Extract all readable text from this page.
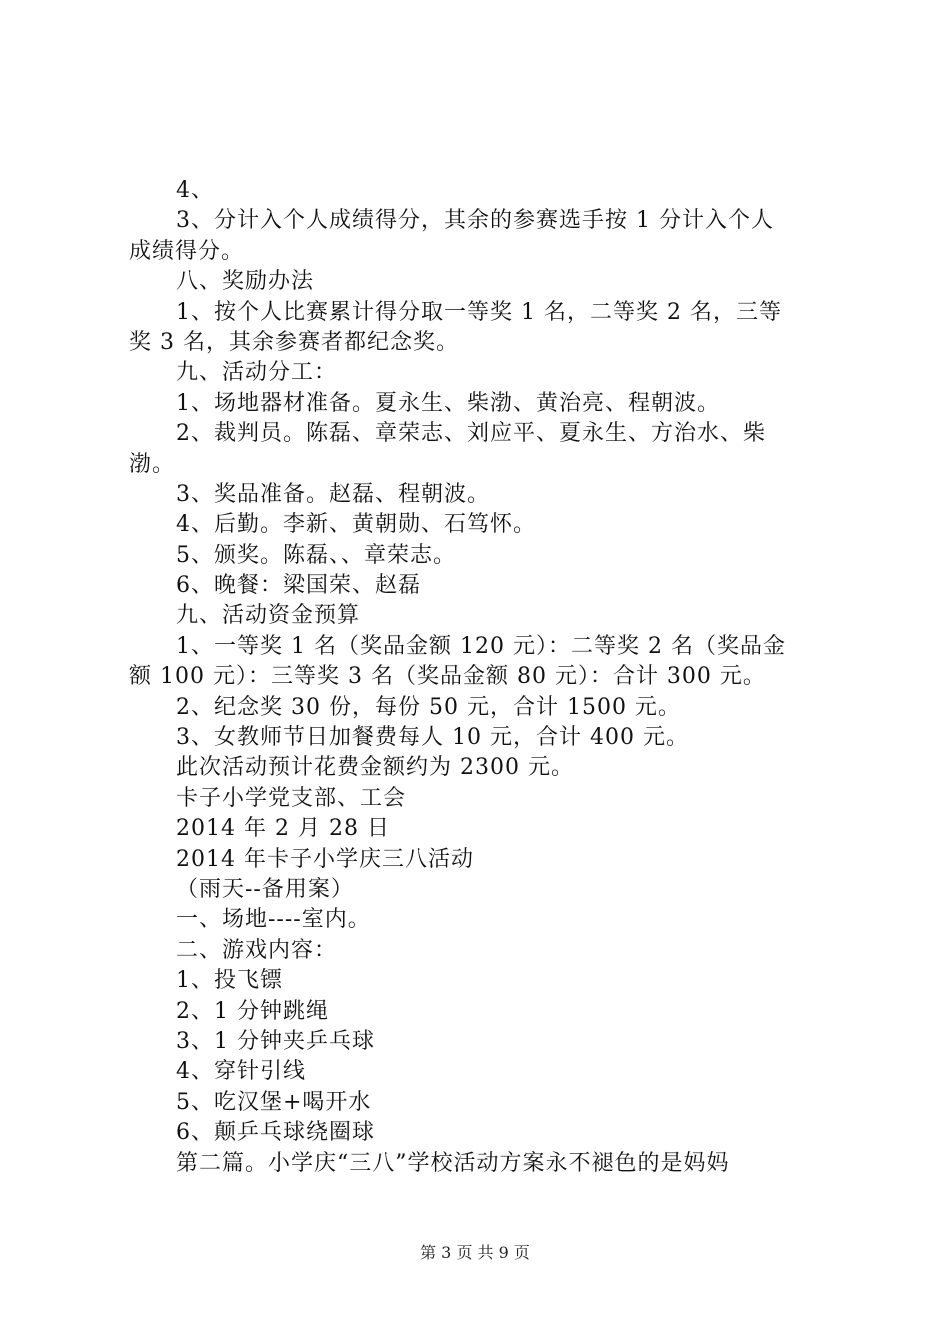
4、
3、分计入个人成绩得分，其余的参赛选手按 1 分计入个人
成绩得分。
八、奖励办法
1、按个人比赛累计得分取一等奖 1 名，二等奖 2 名，三等
奖 3 名，其余参赛者都纪念奖。
九、活动分工：
1、场地器材准备。夏永生、柴渤、黄治亮、程朝波。
2、裁判员。陈磊、章荣志、刘应平、夏永生、方治水、柴
渤。
3、奖品准备。赵磊、程朝波。
4、后勤。李新、黄朝勋、石笃怀。
5、颁奖。陈磊、、章荣志。
6、晚餐：梁国荣、赵磊
九、活动资金预算
1、一等奖 1 名（奖品金额 120 元）：二等奖 2 名（奖品金
额 100 元）：三等奖 3 名（奖品金额 80 元）：合计 300 元。
2、纪念奖 30 份，每份 50 元，合计 1500 元。
3、女教师节日加餐费每人 10 元，合计 400 元。
此次活动预计花费金额约为 2300 元。
卡子小学党支部、工会
2014 年 2 月 28 日
2014 年卡子小学庆三八活动
（雨天--备用案）
一、场地----室内。
二、游戏内容：
1、投飞镖
2、1 分钟跳绳
3、1 分钟夹乒乓球
4、穿针引线
5、吃汉堡+喝开水
6、颠乒乓球绕圈球
第二篇。小学庆“三八”学校活动方案永不褪色的是妈妈
第 3 页 共 9 页
